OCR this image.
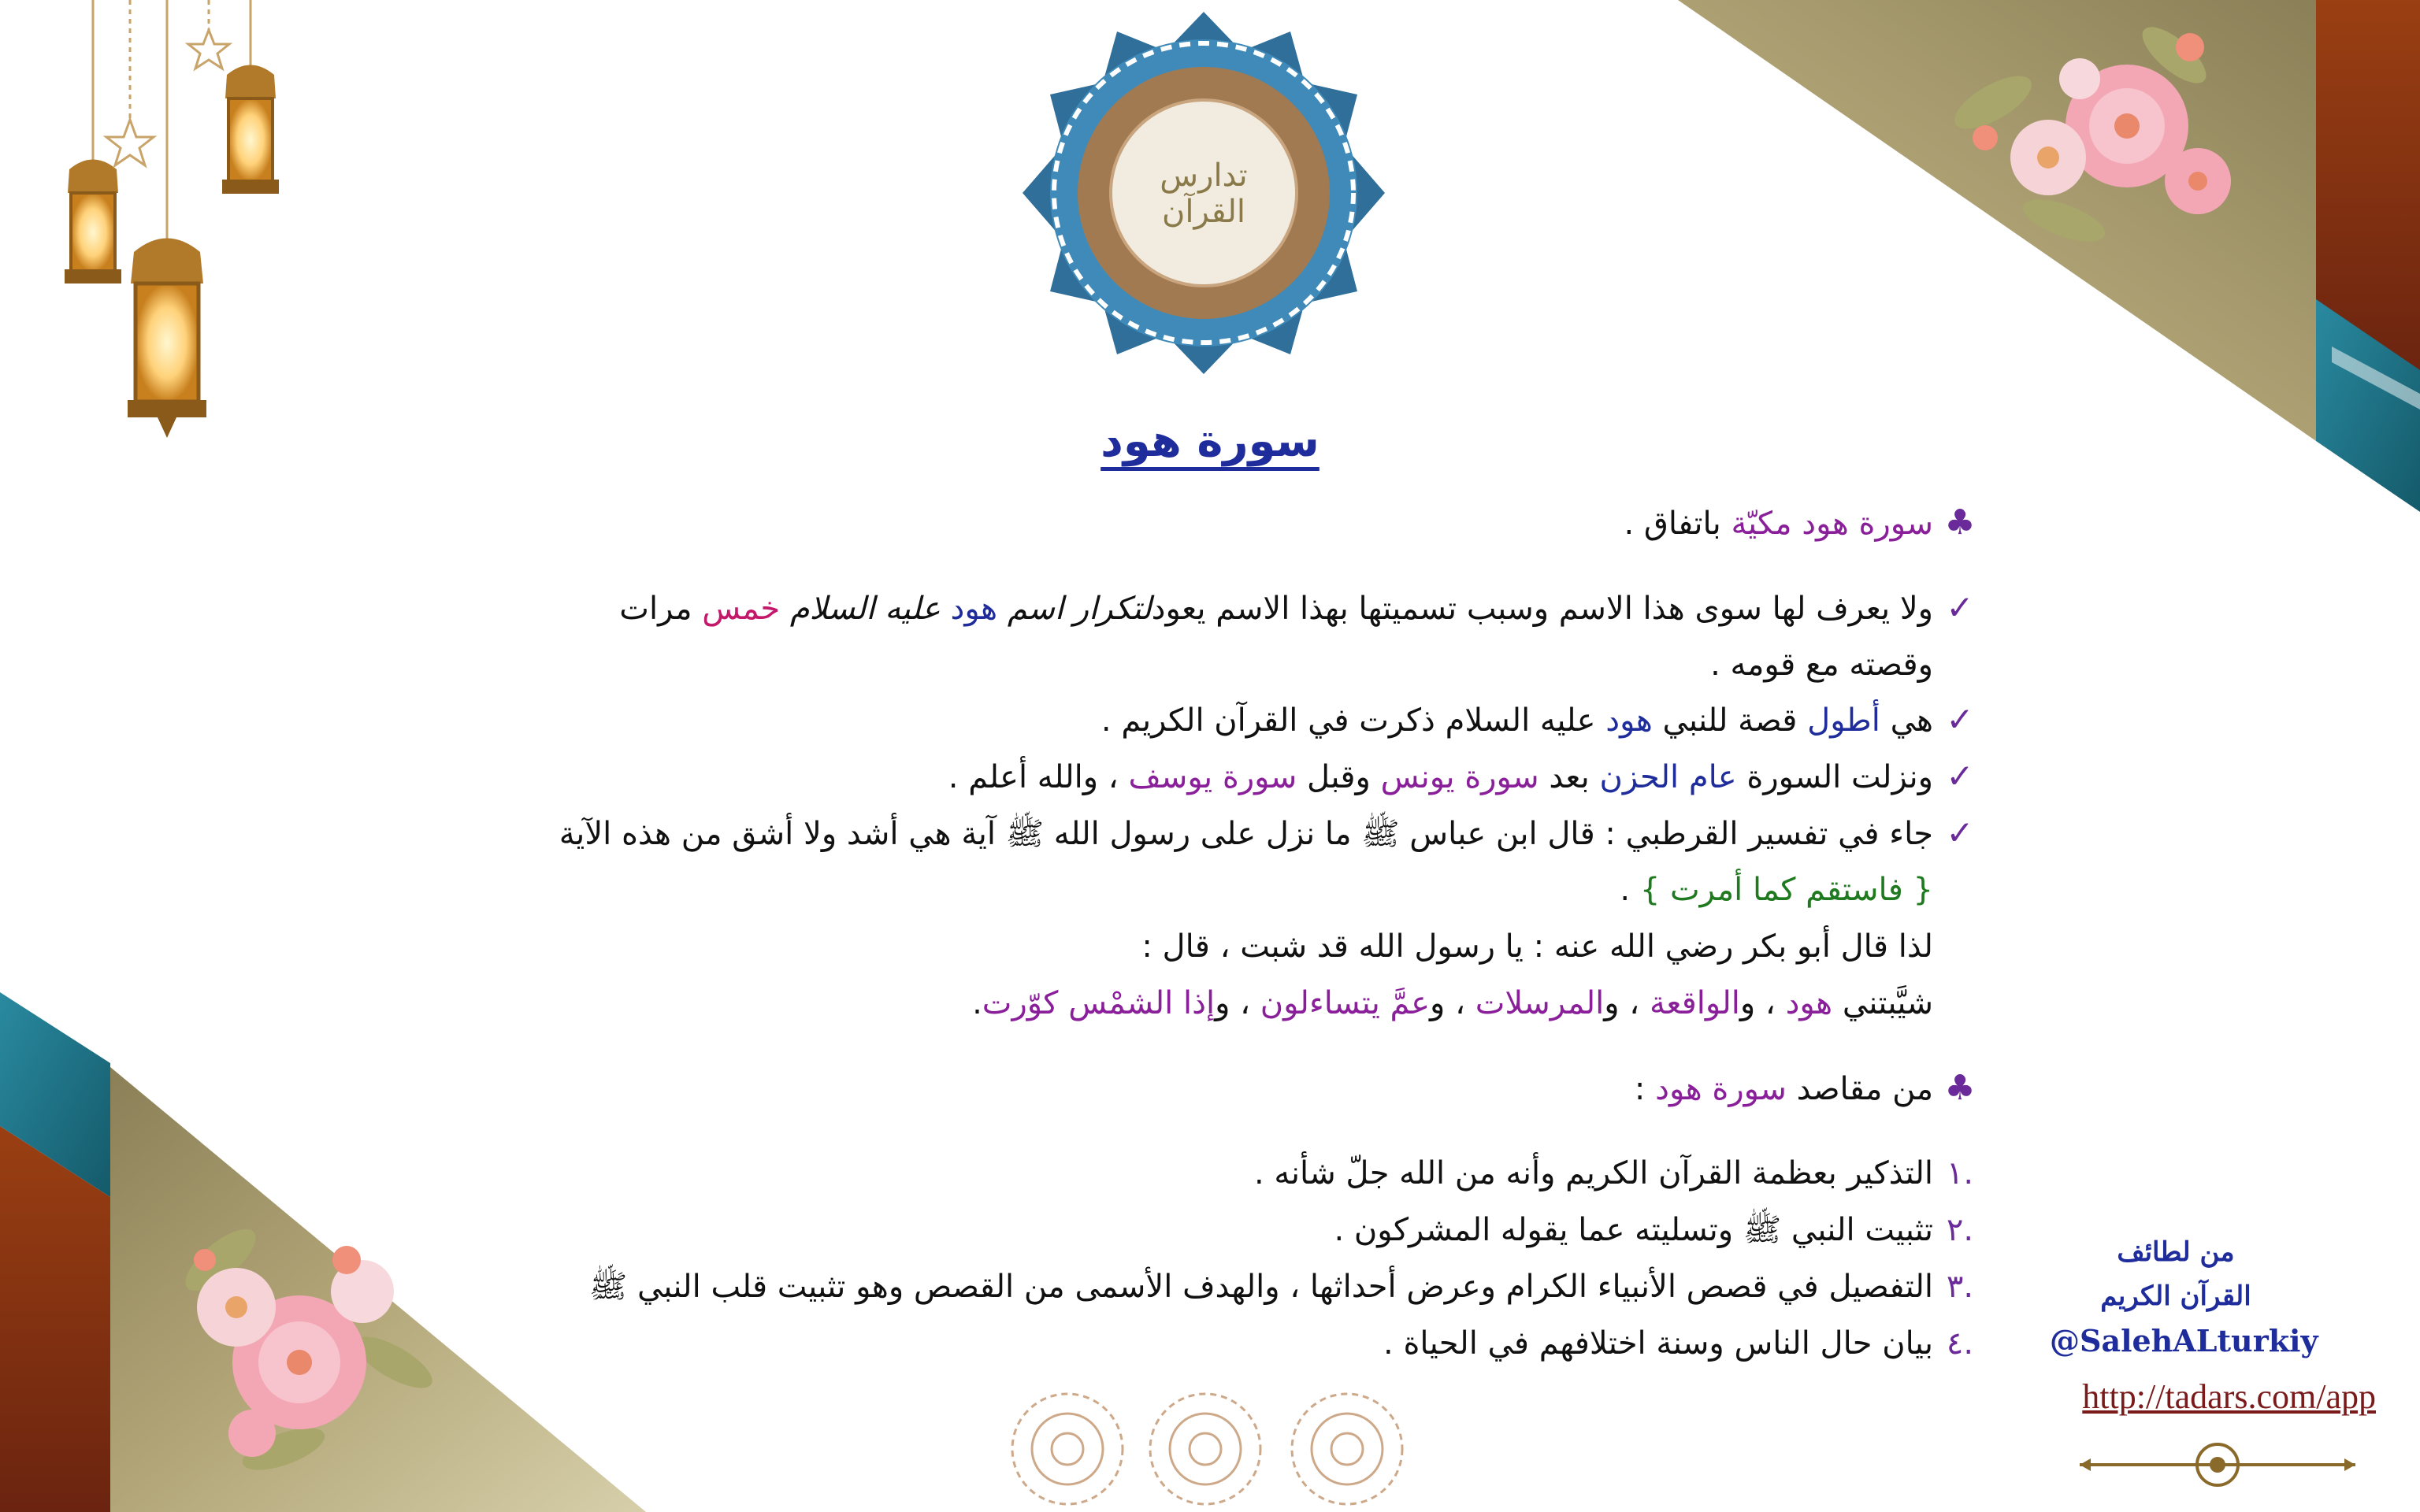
تدارس القرآن
سورة هود
♣سورة هود مكيّة باتفاق .
✓ولا يعرف لها سوى هذا الاسم وسبب تسميتها بهذا الاسم يعودلتكرار اسم هود عليه السلام خمس مرات
وقصته مع قومه .
✓هي أطول قصة للنبي هود عليه السلام ذكرت في القرآن الكريم .
✓ونزلت السورة عام الحزن بعد سورة يونس وقبل سورة يوسف ، والله أعلم .
✓جاء في تفسير القرطبي : قال ابن عباس ﷺ ما نزل على رسول الله ﷺ آية هي أشد ولا أشق من هذه الآية
{ فاستقم كما أمرت } .
لذا قال أبو بكر رضي الله عنه : يا رسول الله قد شبت ، قال :
شيَّبتني هود ، والواقعة ، والمرسلات ، وعمَّ يتساءلون ، وإذا الشمْس كوّرت.
♣من مقاصد سورة هود :
.١التذكير بعظمة القرآن الكريم وأنه من الله جلّ شأنه .
.٢تثبيت النبي ﷺ وتسليته عما يقوله المشركون .
.٣التفصيل في قصص الأنبياء الكرام وعرض أحداثها ، والهدف الأسمى من القصص وهو تثبيت قلب النبي ﷺ
.٤بيان حال الناس وسنة اختلافهم في الحياة .
من لطائف
القرآن الكريم
@SalehALturkiy
http://tadars.com/app
